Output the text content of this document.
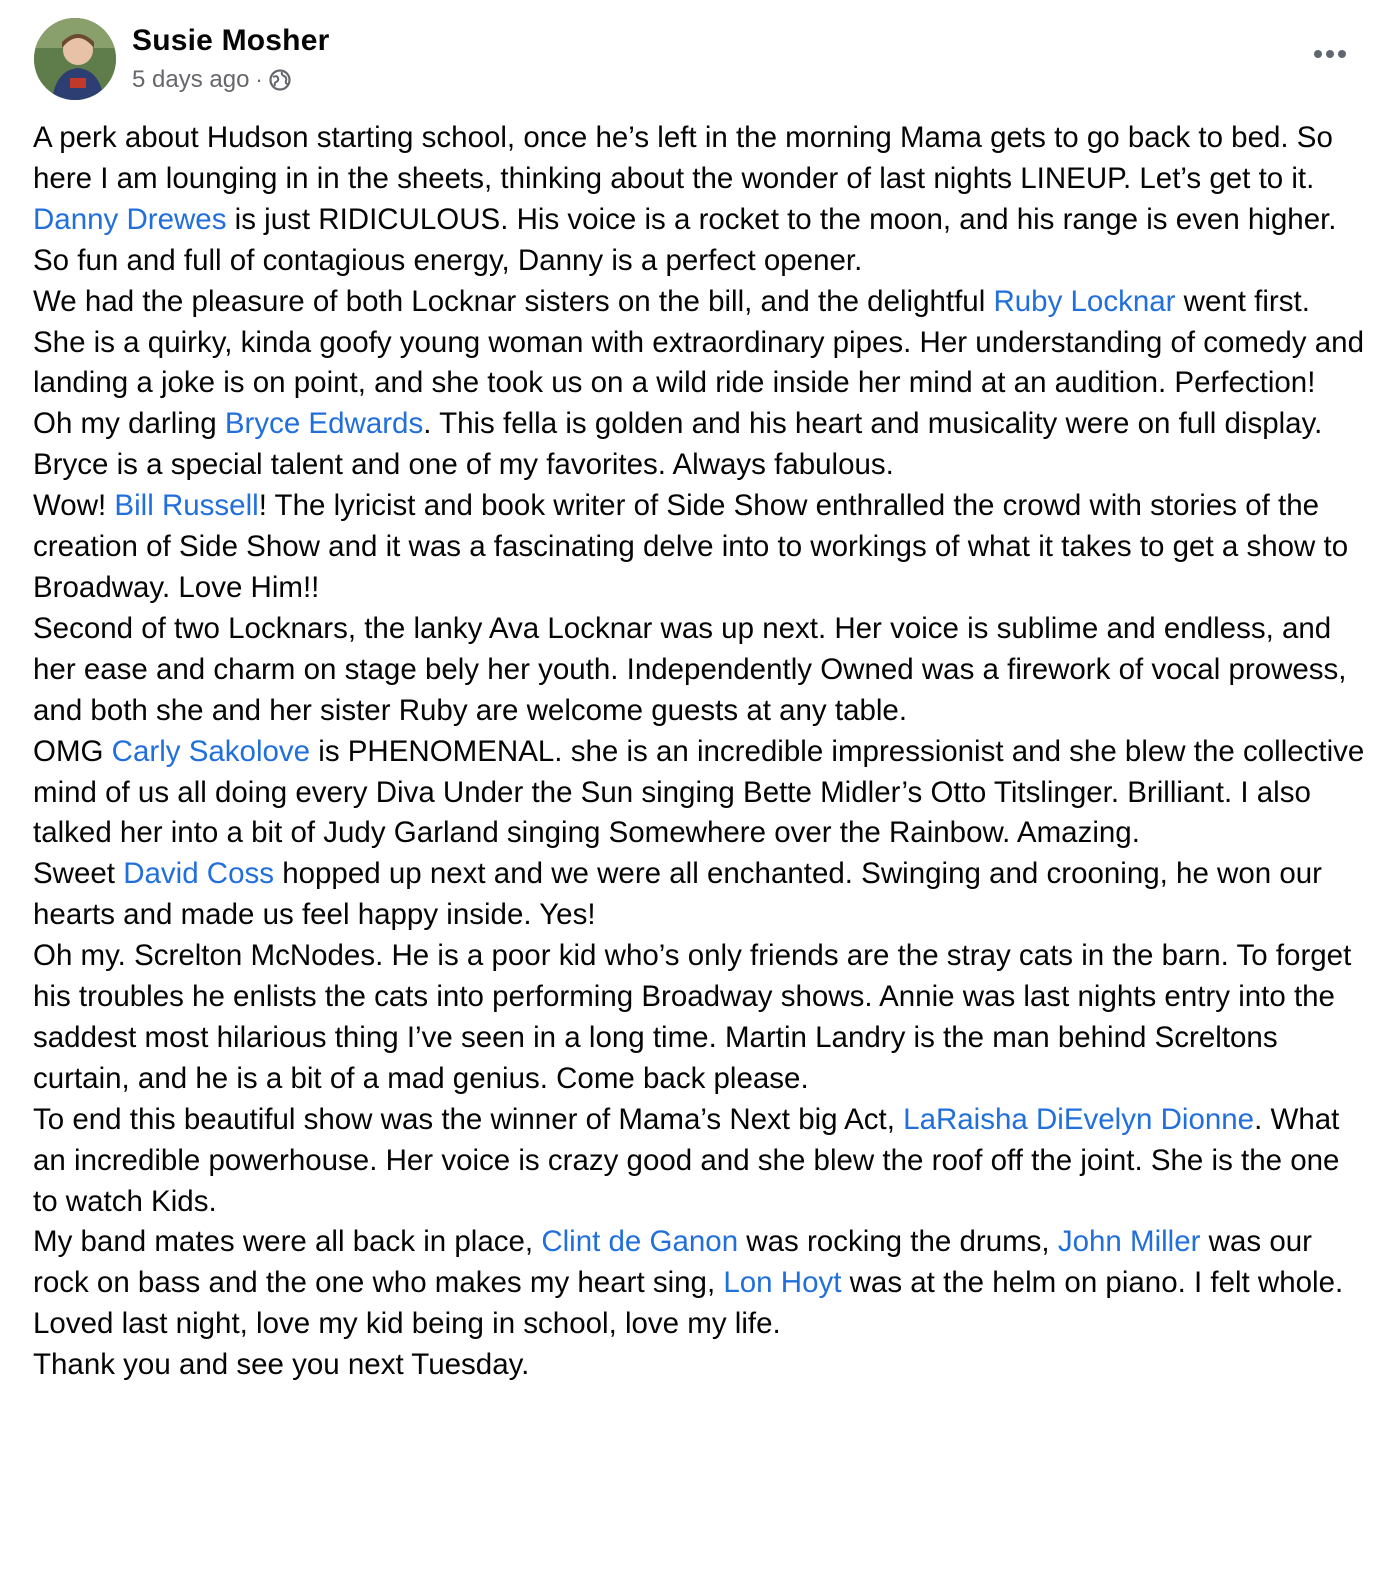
Susie Mosher
5 days ago ·

A perk about Hudson starting school, once he’s left in the morning Mama gets to go back to bed. So here I am lounging in in the sheets, thinking about the wonder of last nights LINEUP. Let’s get to it.

Danny Drewes is just RIDICULOUS. His voice is a rocket to the moon, and his range is even higher. So fun and full of contagious energy, Danny is a perfect opener.

We had the pleasure of both Locknar sisters on the bill, and the delightful Ruby Locknar went first. She is a quirky, kinda goofy young woman with extraordinary pipes. Her understanding of comedy and landing a joke is on point, and she took us on a wild ride inside her mind at an audition. Perfection!

Oh my darling Bryce Edwards. This fella is golden and his heart and musicality were on full display. Bryce is a special talent and one of my favorites. Always fabulous.

Wow! Bill Russell! The lyricist and book writer of Side Show enthralled the crowd with stories of the creation of Side Show and it was a fascinating delve into to workings of what it takes to get a show to Broadway. Love Him!!

Second of two Locknars, the lanky Ava Locknar was up next. Her voice is sublime and endless, and her ease and charm on stage bely her youth. Independently Owned was a firework of vocal prowess, and both she and her sister Ruby are welcome guests at any table.

OMG Carly Sakolove is PHENOMENAL. she is an incredible impressionist and she blew the collective mind of us all doing every Diva Under the Sun singing Bette Midler’s Otto Titslinger. Brilliant. I also talked her into a bit of Judy Garland singing Somewhere over the Rainbow. Amazing.

Sweet David Coss hopped up next and we were all enchanted. Swinging and crooning, he won our hearts and made us feel happy inside. Yes!

Oh my. Screlton McNodes. He is a poor kid who’s only friends are the stray cats in the barn. To forget his troubles he enlists the cats into performing Broadway shows. Annie was last nights entry into the saddest most hilarious thing I’ve seen in a long time. Martin Landry is the man behind Screltons curtain, and he is a bit of a mad genius. Come back please.

To end this beautiful show was the winner of Mama’s Next big Act, LaRaisha DiEvelyn Dionne. What an incredible powerhouse. Her voice is crazy good and she blew the roof off the joint. She is the one to watch Kids.

My band mates were all back in place, Clint de Ganon was rocking the drums, John Miller was our rock on bass and the one who makes my heart sing, Lon Hoyt was at the helm on piano. I felt whole.

Loved last night, love my kid being in school, love my life.

Thank you and see you next Tuesday.
